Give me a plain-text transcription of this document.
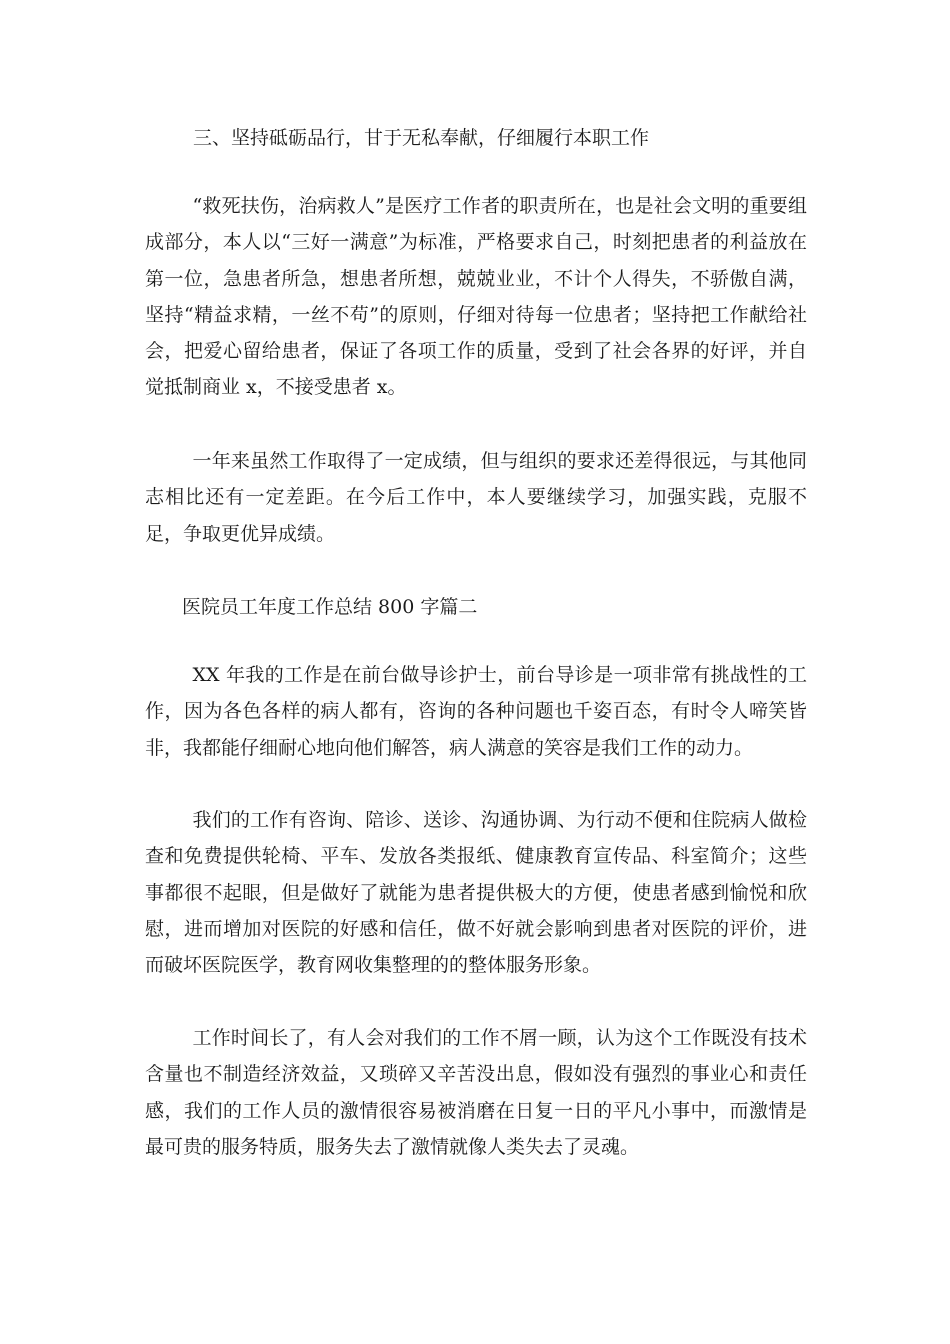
三、坚持砥砺品行，甘于无私奉献，仔细履行本职工作

“救死扶伤，治病救人”是医疗工作者的职责所在，也是社会文明的重要组成部分，本人以“三好一满意”为标准，严格要求自己，时刻把患者的利益放在第一位，急患者所急，想患者所想，兢兢业业，不计个人得失，不骄傲自满，坚持“精益求精，一丝不苟”的原则，仔细对待每一位患者；坚持把工作献给社会，把爱心留给患者，保证了各项工作的质量，受到了社会各界的好评，并自觉抵制商业 x，不接受患者 x。

一年来虽然工作取得了一定成绩，但与组织的要求还差得很远，与其他同志相比还有一定差距。在今后工作中，本人要继续学习，加强实践，克服不足，争取更优异成绩。

医院员工年度工作总结 800 字篇二

XX 年我的工作是在前台做导诊护士，前台导诊是一项非常有挑战性的工作，因为各色各样的病人都有，咨询的各种问题也千姿百态，有时令人啼笑皆非，我都能仔细耐心地向他们解答，病人满意的笑容是我们工作的动力。

我们的工作有咨询、陪诊、送诊、沟通协调、为行动不便和住院病人做检查和免费提供轮椅、平车、发放各类报纸、健康教育宣传品、科室简介；这些事都很不起眼，但是做好了就能为患者提供极大的方便，使患者感到愉悦和欣慰，进而增加对医院的好感和信任，做不好就会影响到患者对医院的评价，进而破坏医院医学，教育网收集整理的的整体服务形象。

工作时间长了，有人会对我们的工作不屑一顾，认为这个工作既没有技术含量也不制造经济效益，又琐碎又辛苦没出息，假如没有强烈的事业心和责任感，我们的工作人员的激情很容易被消磨在日复一日的平凡小事中，而激情是最可贵的服务特质，服务失去了激情就像人类失去了灵魂。
